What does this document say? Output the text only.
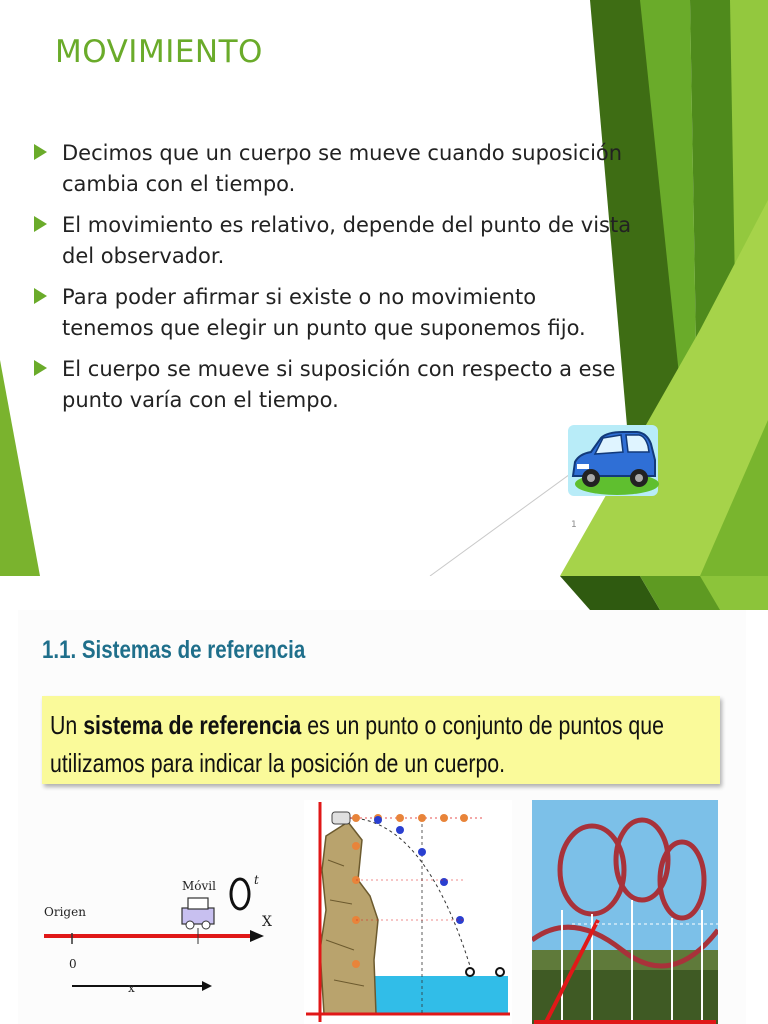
MOVIMIENTO
Decimos que un cuerpo se mueve cuando suposición cambia con el tiempo.
El movimiento es relativo, depende del punto de vista del observador.
Para poder afirmar si existe o no movimiento tenemos que elegir un punto que suponemos fijo.
El cuerpo se mueve si suposición con respecto a ese punto varía con el tiempo.
1
1.1. Sistemas de referencia
Un sistema de referencia es un punto o conjunto de puntos que utilizamos para indicar la posición de un cuerpo.
Móvil
Origen
t
X
0
x
